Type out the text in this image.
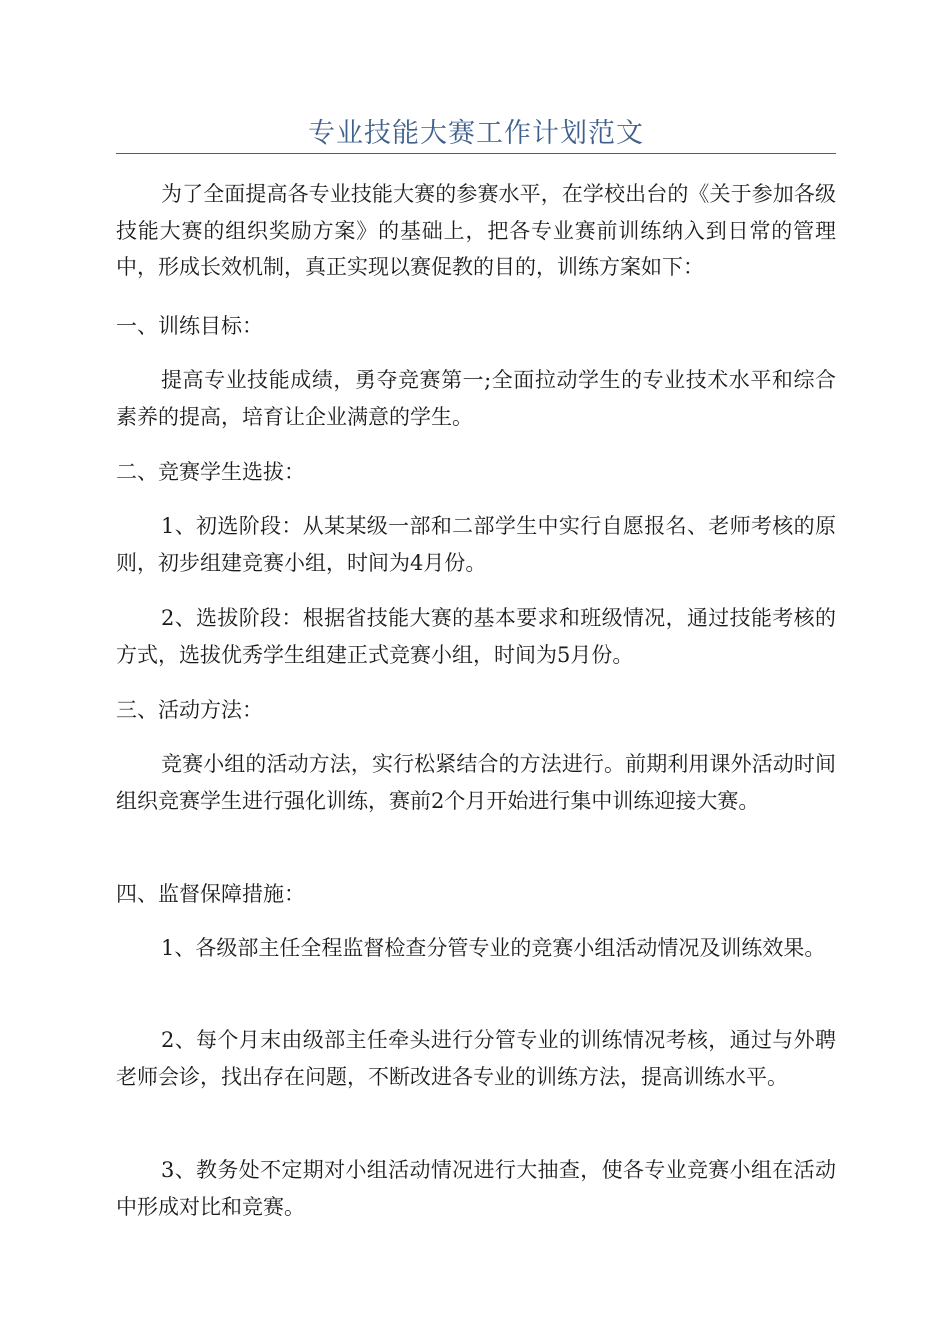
专业技能大赛工作计划范文

为了全面提高各专业技能大赛的参赛水平，在学校出台的《关于参加各级技能大赛的组织奖励方案》的基础上，把各专业赛前训练纳入到日常的管理中，形成长效机制，真正实现以赛促教的目的，训练方案如下：

一、训练目标：

提高专业技能成绩，勇夺竞赛第一;全面拉动学生的专业技术水平和综合素养的提高，培育让企业满意的学生。

二、竞赛学生选拔：

1、初选阶段：从某某级一部和二部学生中实行自愿报名、老师考核的原则，初步组建竞赛小组，时间为4月份。

2、选拔阶段：根据省技能大赛的基本要求和班级情况，通过技能考核的方式，选拔优秀学生组建正式竞赛小组，时间为5月份。

三、活动方法：

竞赛小组的活动方法，实行松紧结合的方法进行。前期利用课外活动时间组织竞赛学生进行强化训练，赛前2个月开始进行集中训练迎接大赛。

四、监督保障措施：

1、各级部主任全程监督检查分管专业的竞赛小组活动情况及训练效果。

2、每个月末由级部主任牵头进行分管专业的训练情况考核，通过与外聘老师会诊，找出存在问题，不断改进各专业的训练方法，提高训练水平。

3、教务处不定期对小组活动情况进行大抽查，使各专业竞赛小组在活动中形成对比和竞赛。
